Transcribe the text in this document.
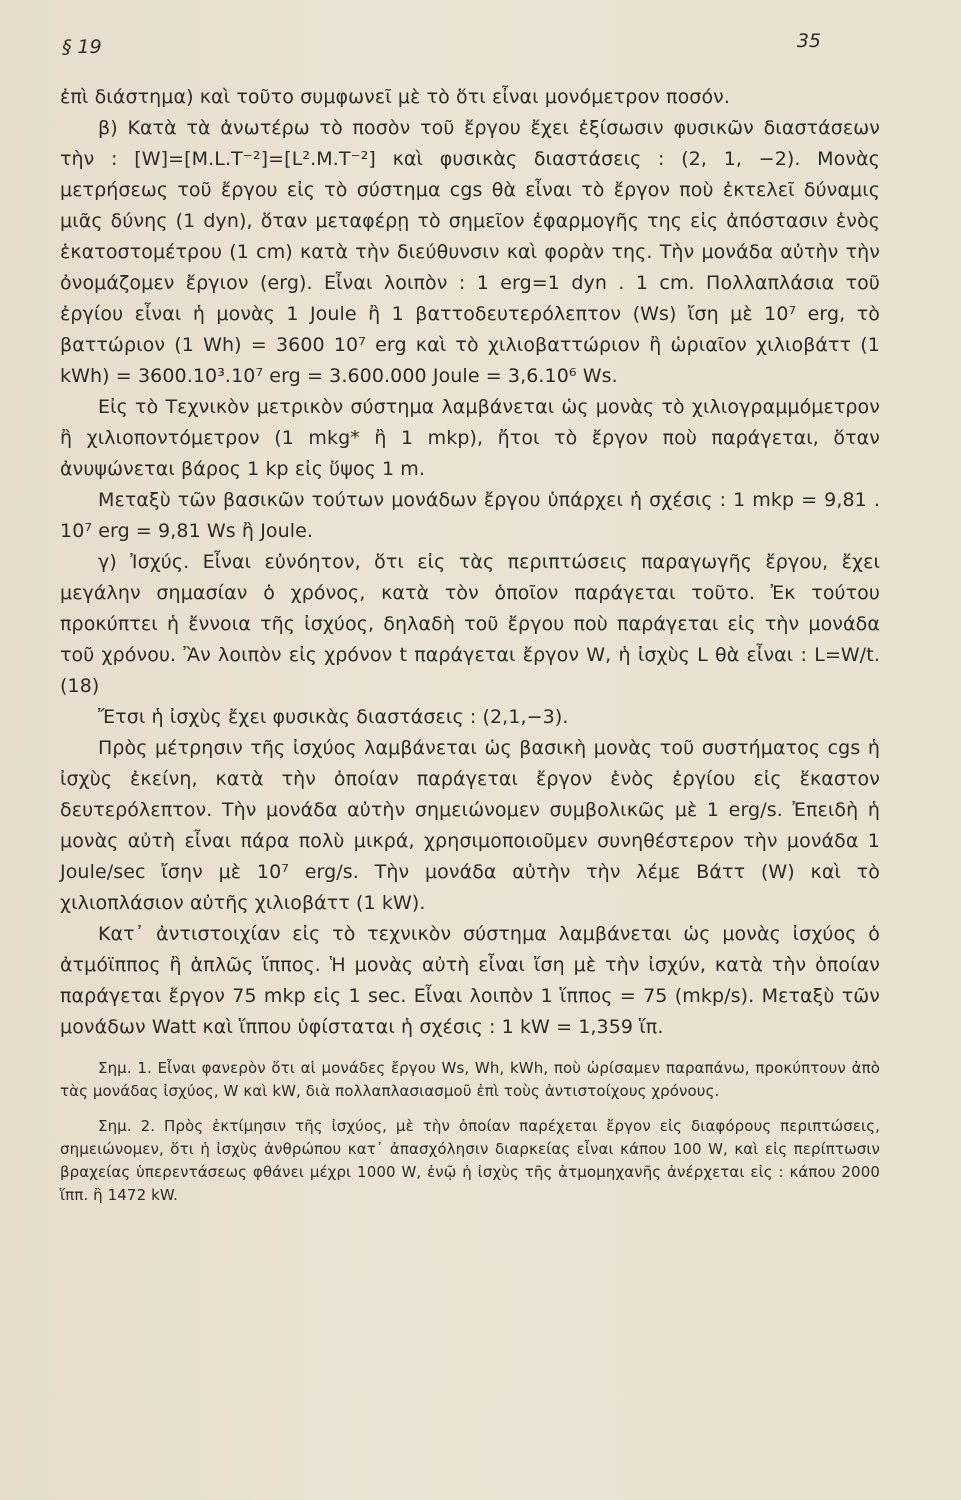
§ 19	35

ἐπὶ διάστημα) καὶ τοῦτο συμφωνεῖ μὲ τὸ ὅτι εἶναι μονόμετρον ποσόν.

β) Κατὰ τὰ ἀνωτέρω τὸ ποσὸν τοῦ ἔργου ἔχει ἐξίσωσιν φυσικῶν διαστάσεων τὴν : [W]=[M.L.T⁻²]=[L².M.T⁻²] καὶ φυσικὰς διαστάσεις : (2, 1, −2). Μονὰς μετρήσεως τοῦ ἔργου εἰς τὸ σύστημα cgs θὰ εἶναι τὸ ἔργον ποὺ ἐκτελεῖ δύναμις μιᾶς δύνης (1 dyn), ὅταν μεταφέρῃ τὸ σημεῖον ἐφαρμογῆς της εἰς ἀπόστασιν ἑνὸς ἑκατοστομέτρου (1 cm) κατὰ τὴν διεύθυνσιν καὶ φορὰν της. Τὴν μονάδα αὐτὴν τὴν ὀνομάζομεν ἔργιον (erg). Εἶναι λοιπὸν : 1 erg=1 dyn . 1 cm. Πολλαπλάσια τοῦ ἐργίου εἶναι ἡ μονὰς 1 Joule ἢ 1 βαττοδευτερόλεπτον (Ws) ἴση μὲ 10⁷ erg, τὸ βαττώριον (1 Wh) = 3600 10⁷ erg καὶ τὸ χιλιοβαττώριον ἢ ὡριαῖον χιλιοβάττ (1 kWh) = 3600.10³.10⁷ erg = 3.600.000 Joule = 3,6.10⁶ Ws.

Εἰς τὸ Τεχνικὸν μετρικὸν σύστημα λαμβάνεται ὡς μονὰς τὸ χιλιογραμμόμετρον ἢ χιλιοποντόμετρον (1 mkg* ἢ 1 mkp), ἤτοι τὸ ἔργον ποὺ παράγεται, ὅταν ἀνυψώνεται βάρος 1 kp εἰς ὕψος 1 m.

Μεταξὺ τῶν βασικῶν τούτων μονάδων ἔργου ὑπάρχει ἡ σχέσις : 1 mkp = 9,81 . 10⁷ erg = 9,81 Ws ἢ Joule.

γ) Ἰσχύς. Εἶναι εὐνόητον, ὅτι εἰς τὰς περιπτώσεις παραγωγῆς ἔργου, ἔχει μεγάλην σημασίαν ὁ χρόνος, κατὰ τὸν ὁποῖον παράγεται τοῦτο. Ἐκ τούτου προκύπτει ἡ ἔννοια τῆς ἰσχύος, δηλαδὴ τοῦ ἔργου ποὺ παράγεται εἰς τὴν μονάδα τοῦ χρόνου. Ἂν λοιπὸν εἰς χρόνον t παράγεται ἔργον W, ἡ ἰσχὺς L θὰ εἶναι : L=W/t. (18)

Ἔτσι ἡ ἰσχὺς ἔχει φυσικὰς διαστάσεις : (2,1,−3).

Πρὸς μέτρησιν τῆς ἰσχύος λαμβάνεται ὡς βασικὴ μονὰς τοῦ συστήματος cgs ἡ ἰσχὺς ἐκείνη, κατὰ τὴν ὁποίαν παράγεται ἔργον ἑνὸς ἐργίου εἰς ἕκαστον δευτερόλεπτον. Τὴν μονάδα αὐτὴν σημειώνομεν συμβολικῶς μὲ 1 erg/s. Ἐπειδὴ ἡ μονὰς αὐτὴ εἶναι πάρα πολὺ μικρά, χρησιμοποιοῦμεν συνηθέστερον τὴν μονάδα 1 Joule/sec ἴσην μὲ 10⁷ erg/s. Τὴν μονάδα αὐτὴν τὴν λέμε Βάττ (W) καὶ τὸ χιλιοπλάσιον αὐτῆς χιλιοβάττ (1 kW).

Κατ᾽ ἀντιστοιχίαν εἰς τὸ τεχνικὸν σύστημα λαμβάνεται ὡς μονὰς ἰσχύος ὁ ἀτμόϊππος ἢ ἁπλῶς ἵππος. Ἡ μονὰς αὐτὴ εἶναι ἴση μὲ τὴν ἰσχύν, κατὰ τὴν ὁποίαν παράγεται ἔργον 75 mkp εἰς 1 sec. Εἶναι λοιπὸν 1 ἵππος = 75 (mkp/s). Μεταξὺ τῶν μονάδων Watt καὶ ἵππου ὑφίσταται ἡ σχέσις : 1 kW = 1,359 ἵπ.

Σημ. 1. Εἶναι φανερὸν ὅτι αἱ μονάδες ἔργου Ws, Wh, kWh, ποὺ ὡρίσαμεν παραπάνω, προκύπτουν ἀπὸ τὰς μονάδας ἰσχύος, W καὶ kW, διὰ πολλαπλασιασμοῦ ἐπὶ τοὺς ἀντιστοίχους χρόνους.

Σημ. 2. Πρὸς ἐκτίμησιν τῆς ἰσχύος, μὲ τὴν ὁποίαν παρέχεται ἔργον εἰς διαφόρους περιπτώσεις, σημειώνομεν, ὅτι ἡ ἰσχὺς ἀνθρώπου κατ᾽ ἀπασχόλησιν διαρκείας εἶναι κάπου 100 W, καὶ εἰς περίπτωσιν βραχείας ὑπερεντάσεως φθάνει μέχρι 1000 W, ἐνῷ ἡ ἰσχὺς τῆς ἀτμομηχανῆς ἀνέρχεται εἰς : κάπου 2000 ἵππ. ἢ 1472 kW.
